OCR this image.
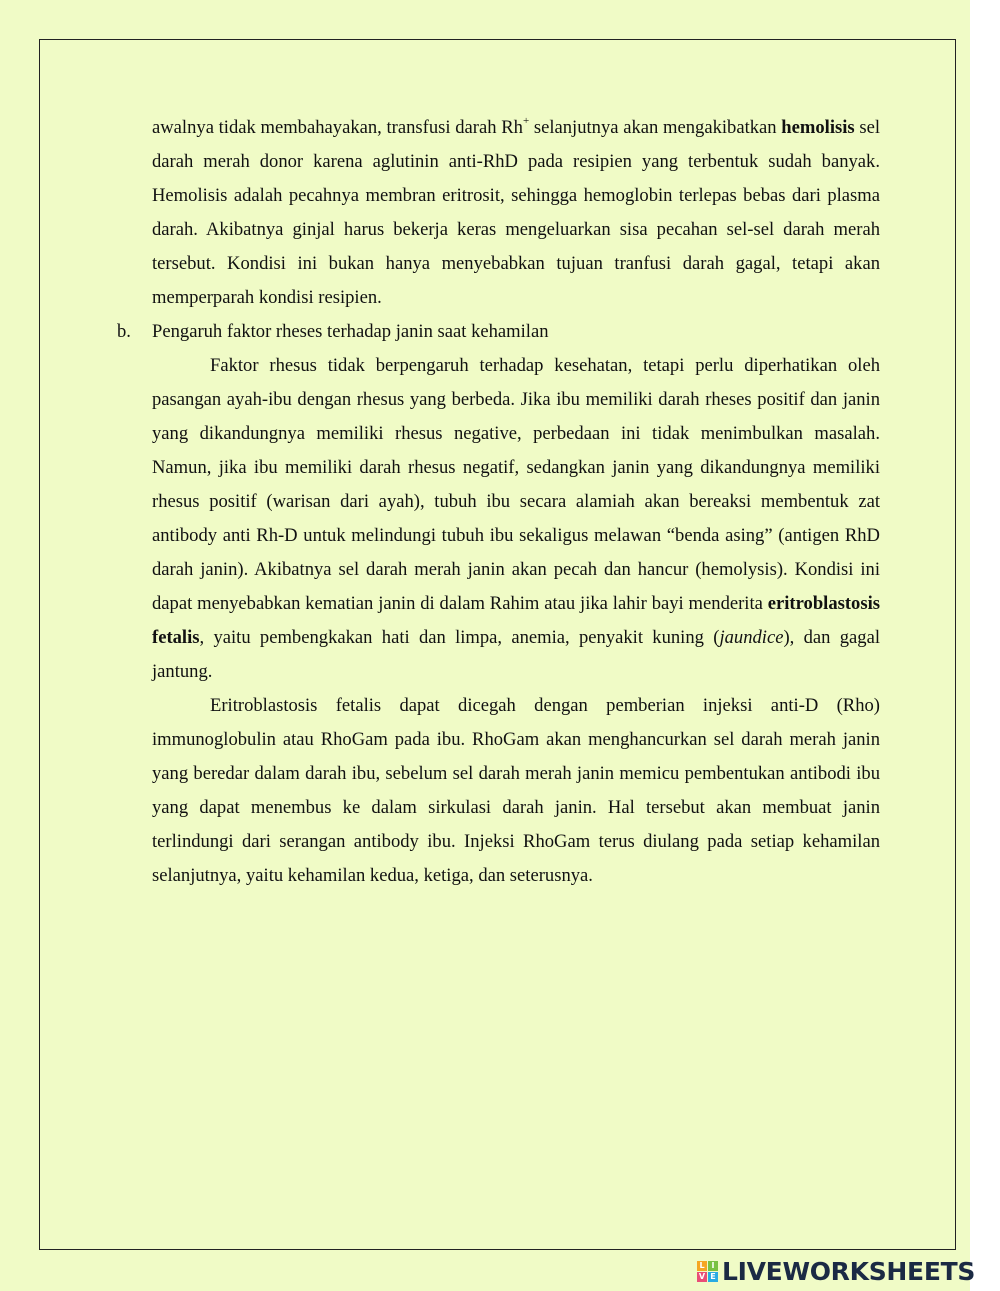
awalnya tidak membahayakan, transfusi darah Rh+ selanjutnya akan mengakibatkan hemolisis sel darah merah donor karena aglutinin anti-RhD pada resipien yang terbentuk sudah banyak. Hemolisis adalah pecahnya membran eritrosit, sehingga hemoglobin terlepas bebas dari plasma darah. Akibatnya ginjal harus bekerja keras mengeluarkan sisa pecahan sel-sel darah merah tersebut. Kondisi ini bukan hanya menyebabkan tujuan tranfusi darah gagal, tetapi akan memperparah kondisi resipien.

b. Pengaruh faktor rheses terhadap janin saat kehamilan

Faktor rhesus tidak berpengaruh terhadap kesehatan, tetapi perlu diperhatikan oleh pasangan ayah-ibu dengan rhesus yang berbeda. Jika ibu memiliki darah rheses positif dan janin yang dikandungnya memiliki rhesus negative, perbedaan ini tidak menimbulkan masalah. Namun, jika ibu memiliki darah rhesus negatif, sedangkan janin yang dikandungnya memiliki rhesus positif (warisan dari ayah), tubuh ibu secara alamiah akan bereaksi membentuk zat antibody anti Rh-D untuk melindungi tubuh ibu sekaligus melawan “benda asing” (antigen RhD darah janin). Akibatnya sel darah merah janin akan pecah dan hancur (hemolysis). Kondisi ini dapat menyebabkan kematian janin di dalam Rahim atau jika lahir bayi menderita eritroblastosis fetalis, yaitu pembengkakan hati dan limpa, anemia, penyakit kuning (jaundice), dan gagal jantung.

Eritroblastosis fetalis dapat dicegah dengan pemberian injeksi anti-D (Rho) immunoglobulin atau RhoGam pada ibu. RhoGam akan menghancurkan sel darah merah janin yang beredar dalam darah ibu, sebelum sel darah merah janin memicu pembentukan antibodi ibu yang dapat menembus ke dalam sirkulasi darah janin. Hal tersebut akan membuat janin terlindungi dari serangan antibody ibu. Injeksi RhoGam terus diulang pada setiap kehamilan selanjutnya, yaitu kehamilan kedua, ketiga, dan seterusnya.

L I
V E LIVEWORKSHEETS
